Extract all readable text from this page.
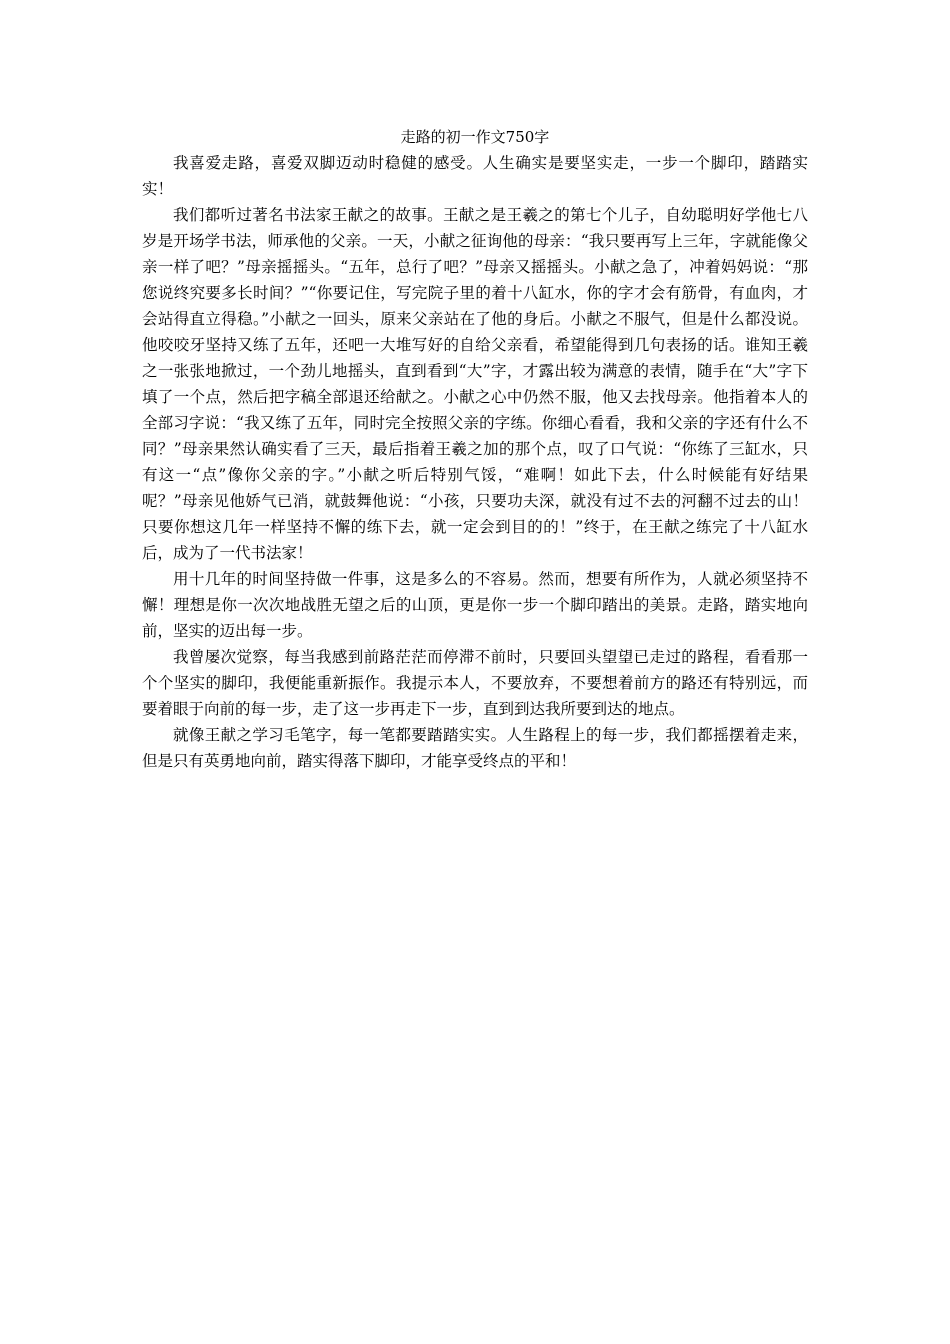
走路的初一作文750字

我喜爱走路，喜爱双脚迈动时稳健的感受。人生确实是要坚实走，一步一个脚印，踏踏实实！

我们都听过著名书法家王献之的故事。王献之是王羲之的第七个儿子，自幼聪明好学他七八岁是开场学书法，师承他的父亲。一天，小献之征询他的母亲：“我只要再写上三年，字就能像父亲一样了吧？”母亲摇摇头。“五年，总行了吧？”母亲又摇摇头。小献之急了，冲着妈妈说：“那您说终究要多长时间？”“你要记住，写完院子里的着十八缸水，你的字才会有筋骨，有血肉，才会站得直立得稳。”小献之一回头，原来父亲站在了他的身后。小献之不服气，但是什么都没说。他咬咬牙坚持又练了五年，还吧一大堆写好的自给父亲看，希望能得到几句表扬的话。谁知王羲之一张张地掀过，一个劲儿地摇头，直到看到“大”字，才露出较为满意的表情，随手在“大”字下填了一个点，然后把字稿全部退还给献之。小献之心中仍然不服，他又去找母亲。他指着本人的全部习字说：“我又练了五年，同时完全按照父亲的字练。你细心看看，我和父亲的字还有什么不同？”母亲果然认确实看了三天，最后指着王羲之加的那个点，叹了口气说：“你练了三缸水，只有这一“点”像你父亲的字。”小献之听后特别气馁，“难啊！如此下去，什么时候能有好结果呢？”母亲见他娇气已消，就鼓舞他说：“小孩，只要功夫深，就没有过不去的河翻不过去的山！只要你想这几年一样坚持不懈的练下去，就一定会到目的的！”终于，在王献之练完了十八缸水后，成为了一代书法家！

用十几年的时间坚持做一件事，这是多么的不容易。然而，想要有所作为，人就必须坚持不懈！理想是你一次次地战胜无望之后的山顶，更是你一步一个脚印踏出的美景。走路，踏实地向前，坚实的迈出每一步。

我曾屡次觉察，每当我感到前路茫茫而停滞不前时，只要回头望望已走过的路程，看看那一个个坚实的脚印，我便能重新振作。我提示本人，不要放弃，不要想着前方的路还有特别远，而要着眼于向前的每一步，走了这一步再走下一步，直到到达我所要到达的地点。

就像王献之学习毛笔字，每一笔都要踏踏实实。人生路程上的每一步，我们都摇摆着走来，但是只有英勇地向前，踏实得落下脚印，才能享受终点的平和！
